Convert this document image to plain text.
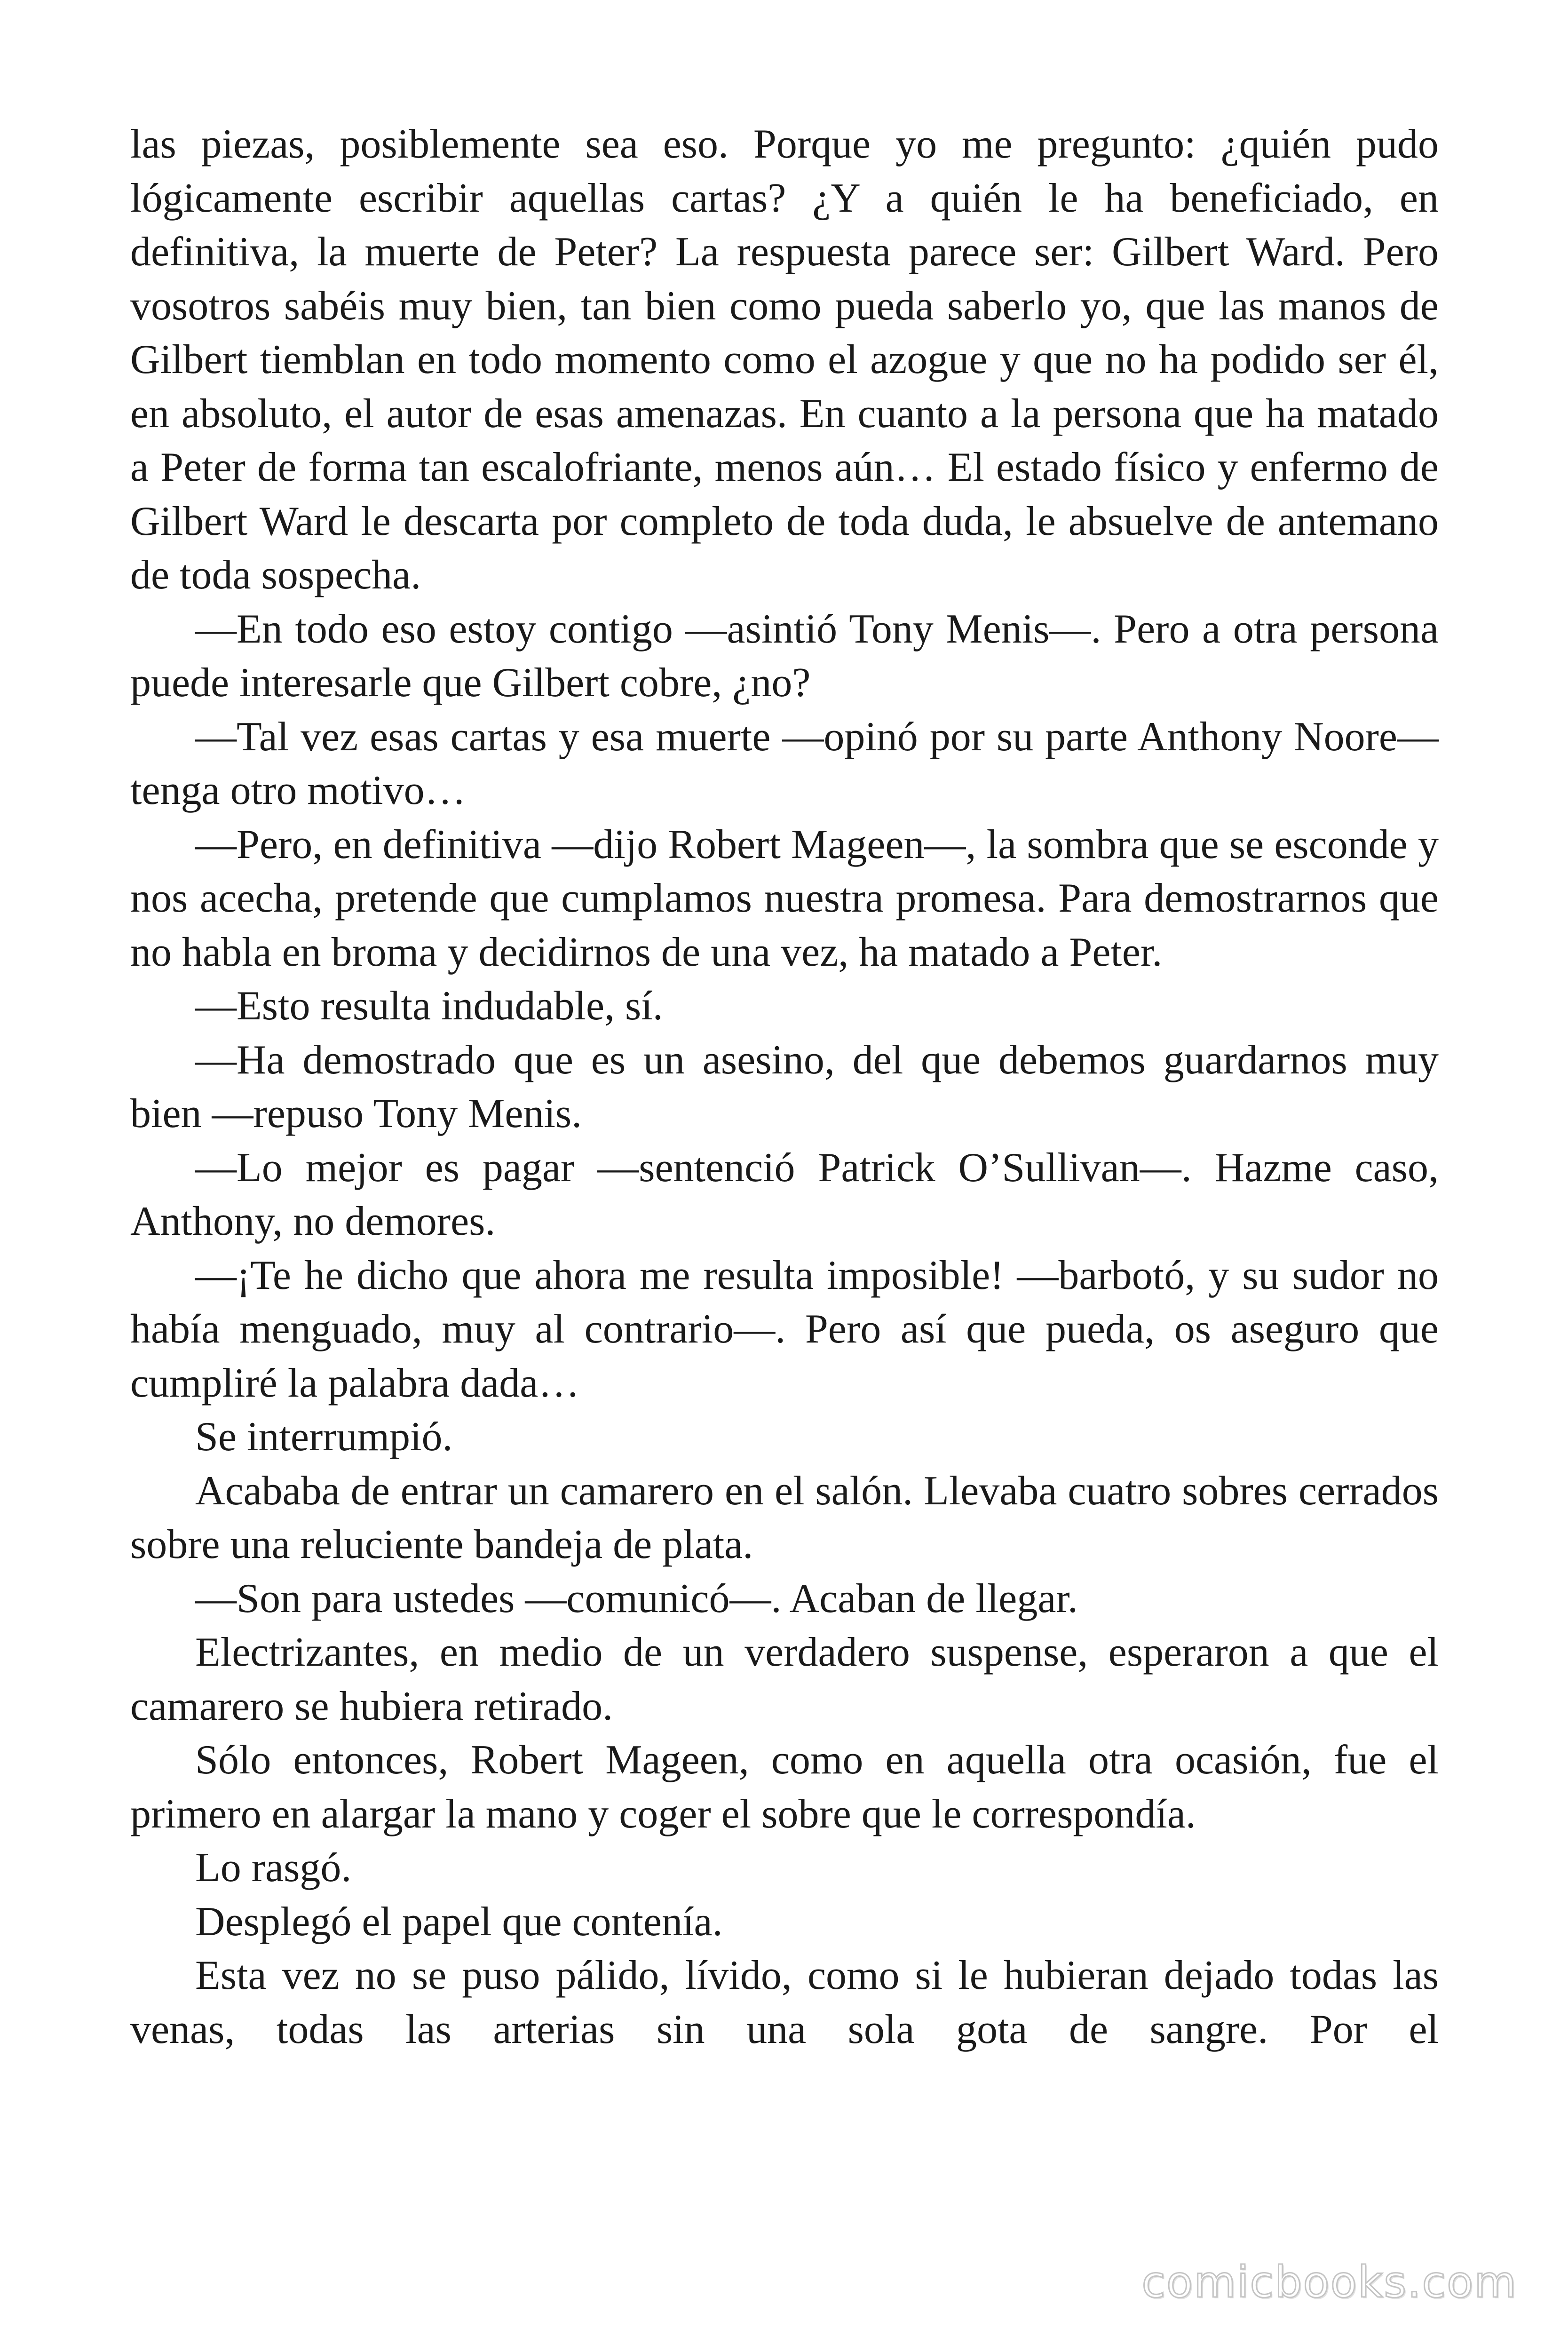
las piezas, posiblemente sea eso. Porque yo me pregunto: ¿quién pudo lógicamente escribir aquellas cartas? ¿Y a quién le ha beneficiado, en definitiva, la muerte de Peter? La respuesta parece ser: Gilbert Ward. Pero vosotros sabéis muy bien, tan bien como pueda saberlo yo, que las manos de Gilbert tiemblan en todo momento como el azogue y que no ha podido ser él, en absoluto, el autor de esas amenazas. En cuanto a la persona que ha matado a Peter de forma tan escalofriante, menos aún… El estado físico y enfermo de Gilbert Ward le descarta por completo de toda duda, le absuelve de antemano de toda sospecha.

—En todo eso estoy contigo —asintió Tony Menis—. Pero a otra persona puede interesarle que Gilbert cobre, ¿no?

—Tal vez esas cartas y esa muerte —opinó por su parte Anthony Noore— tenga otro motivo…

—Pero, en definitiva —dijo Robert Mageen—, la sombra que se esconde y nos acecha, pretende que cumplamos nuestra promesa. Para demostrarnos que no habla en broma y decidirnos de una vez, ha matado a Peter.

—Esto resulta indudable, sí.

—Ha demostrado que es un asesino, del que debemos guardarnos muy bien —repuso Tony Menis.

—Lo mejor es pagar —sentenció Patrick O’Sullivan—. Hazme caso, Anthony, no demores.

—¡Te he dicho que ahora me resulta imposible! —barbotó, y su sudor no había menguado, muy al contrario—. Pero así que pueda, os aseguro que cumpliré la palabra dada…

Se interrumpió.

Acababa de entrar un camarero en el salón. Llevaba cuatro sobres cerrados sobre una reluciente bandeja de plata.

—Son para ustedes —comunicó—. Acaban de llegar.

Electrizantes, en medio de un verdadero suspense, esperaron a que el camarero se hubiera retirado.

Sólo entonces, Robert Mageen, como en aquella otra ocasión, fue el primero en alargar la mano y coger el sobre que le correspondía.

Lo rasgó.

Desplegó el papel que contenía.

Esta vez no se puso pálido, lívido, como si le hubieran dejado todas las venas, todas las arterias sin una sola gota de sangre. Por el

comicbooks.com
